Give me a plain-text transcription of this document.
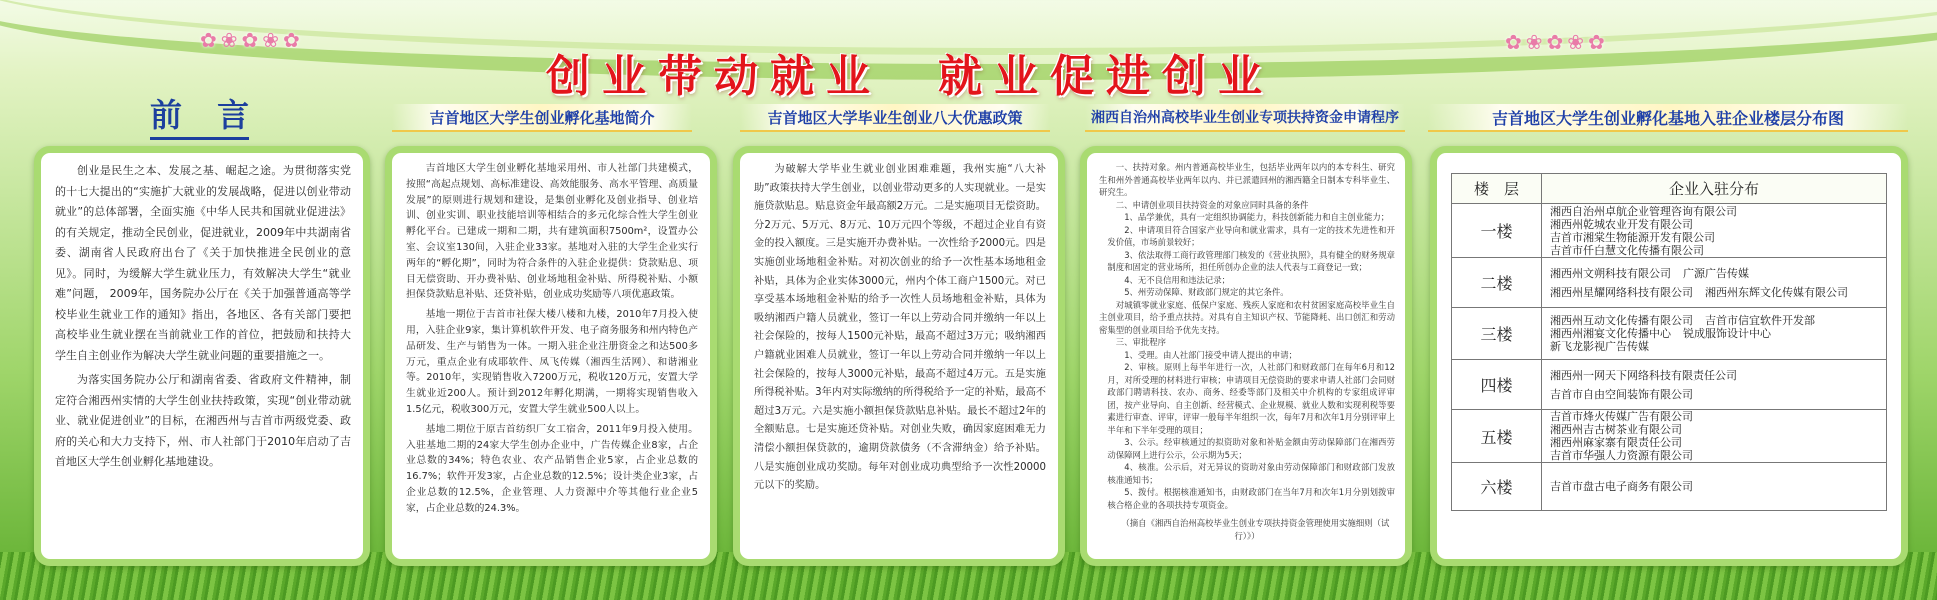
✿❀✿❀✿	✿❀✿❀✿
创业带动就业　就业促进创业
前 言	吉首地区大学生创业孵化基地简介	吉首地区大学毕业生创业八大优惠政策	湘西自治州高校毕业生创业专项扶持资金申请程序	吉首地区大学生创业孵化基地入驻企业楼层分布图

创业是民生之本、发展之基、崛起之途。为贯彻落实党的十七大提出的“实施扩大就业的发展战略，促进以创业带动就业”的总体部署，全面实施《中华人民共和国就业促进法》的有关规定，推动全民创业，促进就业，2009年中共湖南省委、湖南省人民政府出台了《关于加快推进全民创业的意见》。同时，为缓解大学生就业压力，有效解决大学生“就业难”问题， 2009年，国务院办公厅在《关于加强普通高等学校毕业生就业工作的通知》指出，各地区、各有关部门要把高校毕业生就业摆在当前就业工作的首位，把鼓励和扶持大学生自主创业作为解决大学生就业问题的重要措施之一。

为落实国务院办公厅和湖南省委、省政府文件精神，制定符合湘西州实情的大学生创业扶持政策，实现“创业带动就业、就业促进创业”的目标，在湘西州与吉首市两级党委、政府的关心和大力支持下，州、市人社部门于2010年启动了吉首地区大学生创业孵化基地建设。

吉首地区大学生创业孵化基地采用州、市人社部门共建模式，按照“高起点规划、高标准建设、高效能服务、高水平管理、高质量发展”的原则进行规划和建设，是集创业孵化及创业指导、创业培训、创业实训、职业技能培训等相结合的多元化综合性大学生创业孵化平台。已建成一期和二期，共有建筑面积7500m²，设置办公室、会议室130间，入驻企业33家。基地对入驻的大学生企业实行两年的“孵化期”，同时为符合条件的入驻企业提供：贷款贴息、项目无偿资助、开办费补贴、创业场地租金补贴、所得税补贴、小额担保贷款贴息补贴、还贷补贴，创业成功奖励等八项优惠政策。

基地一期位于吉首市社保大楼八楼和九楼，2010年7月投入使用，入驻企业9家，集计算机软件开发、电子商务服务和州内特色产品研发、生产与销售为一体。一期入驻企业注册资金之和达500多万元，重点企业有成耶软件、凤飞传媒（湘西生活网）、和谐湘业等。2010年，实现销售收入7200万元，税收120万元，安置大学生就业近200人。预计到2012年孵化期满，一期将实现销售收入1.5亿元，税收300万元，安置大学生就业500人以上。

基地二期位于原吉首纺织厂女工宿舍，2011年9月投入使用。入驻基地二期的24家大学生创办企业中，广告传媒企业8家，占企业总数的34%；特色农业、农产品销售企业5家，占企业总数的16.7%；软件开发3家，占企业总数的12.5%；设计类企业3家，占企业总数的12.5%，企业管理、人力资源中介等其他行业企业5家，占企业总数的24.3%。

为破解大学毕业生就业创业困难难题，我州实施“八大补助”政策扶持大学生创业，以创业带动更多的人实现就业。一是实施贷款贴息。贴息资金年最高额2万元。二是实施项目无偿资助。分2万元、5万元、8万元、10万元四个等级，不超过企业自有资金的投入额度。三是实施开办费补贴。一次性给予2000元。四是实施创业场地租金补贴。对初次创业的给予一次性基本场地租金补贴，具体为企业实体3000元，州内个体工商户1500元。对已享受基本场地租金补贴的给予一次性人员场地租金补贴，具体为吸纳湘西户籍人员就业，签订一年以上劳动合同并缴纳一年以上社会保险的，按每人1500元补贴，最高不超过3万元；吸纳湘西户籍就业困难人员就业，签订一年以上劳动合同并缴纳一年以上社会保险的，按每人3000元补贴，最高不超过4万元。五是实施所得税补贴。3年内对实际缴纳的所得税给予一定的补贴，最高不超过3万元。六是实施小额担保贷款贴息补贴。最长不超过2年的全额贴息。七是实施还贷补贴。对创业失败，确因家庭困难无力清偿小额担保贷款的，逾期贷款债务（不含滞纳金）给予补贴。八是实施创业成功奖励。每年对创业成功典型给予一次性20000元以下的奖励。

一、扶持对象。州内普通高校毕业生，包括毕业两年以内的本专科生、研究生和州外普通高校毕业两年以内、并已派遣回州的湘西籍全日制本专科毕业生、研究生。

二、申请创业项目扶持资金的对象应同时具备的条件

1、品学兼优，具有一定组织协调能力，科技创新能力和自主创业能力；

2、申请项目符合国家产业导向和就业需求，具有一定的技术先进性和开发价值，市场前景较好；

3、依法取得工商行政管理部门核发的《营业执照》，具有健全的财务规章制度和固定的营业场所，担任所创办企业的法人代表与工商登记一致；

4、无不良信用和违法记录；

5、州劳动保障、财政部门规定的其它条件。

对城镇零就业家庭、低保户家庭、残疾人家庭和农村贫困家庭高校毕业生自主创业项目，给予重点扶持。对具有自主知识产权、节能降耗、出口创汇和劳动密集型的创业项目给予优先支持。

三、审批程序

1、受理。由人社部门接受申请人提出的申请；

2、审核。原则上每半年进行一次，人社部门和财政部门在每年6月和12月，对所受理的材料进行审核；申请项目无偿资助的要求申请人社部门会同财政部门聘请科技、农办、商务、经委等部门及相关中介机构的专家组成评审团，按产业导向、自主创新、经营模式、企业规模、就业人数和实现利税等要素进行审查、评审，评审一般每半年组织一次，每年7月和次年1月分别评审上半年和下半年受理的项目；

3、公示。经审核通过的拟资助对象和补贴金额由劳动保障部门在湘西劳动保障网上进行公示，公示期为5天；

4、核准。公示后，对无异议的资助对象由劳动保障部门和财政部门发放核准通知书；

5、拨付。根据核准通知书，由财政部门在当年7月和次年1月分别划拨审核合格企业的各项扶持专项资金。

（摘自《湘西自治州高校毕业生创业专项扶持资金管理使用实施细则（试行）》）

楼　层	企业入驻分布
一楼	湘西自治州卓航企业管理咨询有限公司
湘西州乾城农业开发有限公司
吉首市湘棠生物能源开发有限公司
吉首市仟白慧文化传播有限公司

二楼	湘西州文朔科技有限公司 广源广告传媒
湘西州星耀网络科技有限公司 湘西州东辉文化传媒有限公司

三楼	湘西州互动文化传播有限公司 吉首市信宜软件开发部
湘西州湘宴文化传播中心 锐成服饰设计中心
新飞龙影视广告传媒

四楼	湘西州一网天下网络科技有限责任公司
吉首市自由空间装饰有限公司

五楼	吉首市烽火传媒广告有限公司
湘西州吉古树茶业有限公司
湘西州麻家寨有限责任公司
吉首市华强人力资源有限公司

六楼	吉首市盘古电子商务有限公司
